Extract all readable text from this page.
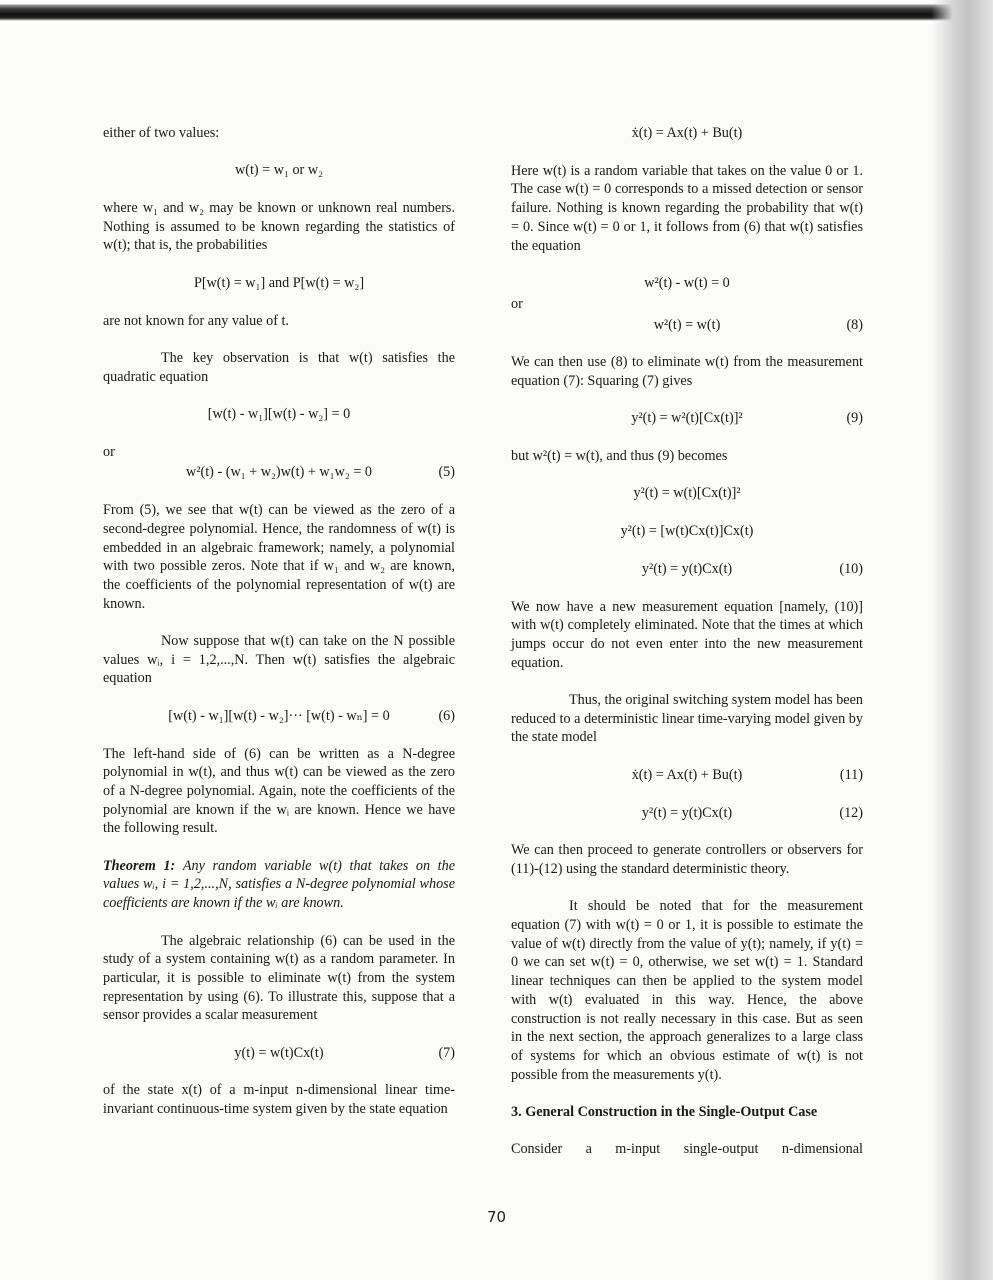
either of two values:

w(t) = w₁ or w₂

where w₁ and w₂ may be known or unknown real numbers. Nothing is assumed to be known regarding the statistics of w(t); that is, the probabilities

P[w(t) = w₁] and P[w(t) = w₂]

are not known for any value of t.

The key observation is that w(t) satisfies the quadratic equation

[w(t) - w₁][w(t) - w₂] = 0
or
w²(t) - (w₁ + w₂)w(t) + w₁w₂ = 0	(5)

From (5), we see that w(t) can be viewed as the zero of a second-degree polynomial. Hence, the randomness of w(t) is embedded in an algebraic framework; namely, a polynomial with two possible zeros. Note that if w₁ and w₂ are known, the coefficients of the polynomial representation of w(t) are known.

Now suppose that w(t) can take on the N possible values wᵢ, i = 1,2,...,N. Then w(t) satisfies the algebraic equation

[w(t) - w₁][w(t) - w₂]··· [w(t) - wₙ] = 0	(6)

The left-hand side of (6) can be written as a N-degree polynomial in w(t), and thus w(t) can be viewed as the zero of a N-degree polynomial. Again, note the coefficients of the polynomial are known if the wᵢ are known. Hence we have the following result.

Theorem 1: Any random variable w(t) that takes on the values wᵢ, i = 1,2,...,N, satisfies a N-degree polynomial whose coefficients are known if the wᵢ are known.

The algebraic relationship (6) can be used in the study of a system containing w(t) as a random parameter. In particular, it is possible to eliminate w(t) from the system representation by using (6). To illustrate this, suppose that a sensor provides a scalar measurement

y(t) = w(t)Cx(t)	(7)

of the state x(t) of a m-input n-dimensional linear time-invariant continuous-time system given by the state equation

ẋ(t) = Ax(t) + Bu(t)

Here w(t) is a random variable that takes on the value 0 or 1. The case w(t) = 0 corresponds to a missed detection or sensor failure. Nothing is known regarding the probability that w(t) = 0. Since w(t) = 0 or 1, it follows from (6) that w(t) satisfies the equation

w²(t) - w(t) = 0
or
w²(t) = w(t)	(8)

We can then use (8) to eliminate w(t) from the measurement equation (7): Squaring (7) gives

y²(t) = w²(t)[Cx(t)]²	(9)

but w²(t) = w(t), and thus (9) becomes

y²(t) = w(t)[Cx(t)]²
y²(t) = [w(t)Cx(t)]Cx(t)
y²(t) = y(t)Cx(t)	(10)

We now have a new measurement equation [namely, (10)] with w(t) completely eliminated. Note that the times at which jumps occur do not even enter into the new measurement equation.

Thus, the original switching system model has been reduced to a deterministic linear time-varying model given by the state model

ẋ(t) = Ax(t) + Bu(t)	(11)
y²(t) = y(t)Cx(t)	(12)

We can then proceed to generate controllers or observers for (11)-(12) using the standard deterministic theory.

It should be noted that for the measurement equation (7) with w(t) = 0 or 1, it is possible to estimate the value of w(t) directly from the value of y(t); namely, if y(t) = 0 we can set w(t) = 0, otherwise, we set w(t) = 1. Standard linear techniques can then be applied to the system model with w(t) evaluated in this way. Hence, the above construction is not really necessary in this case. But as seen in the next section, the approach generalizes to a large class of systems for which an obvious estimate of w(t) is not possible from the measurements y(t).

3. General Construction in the Single-Output Case
Consider a m-input single-output n-dimensional
70
